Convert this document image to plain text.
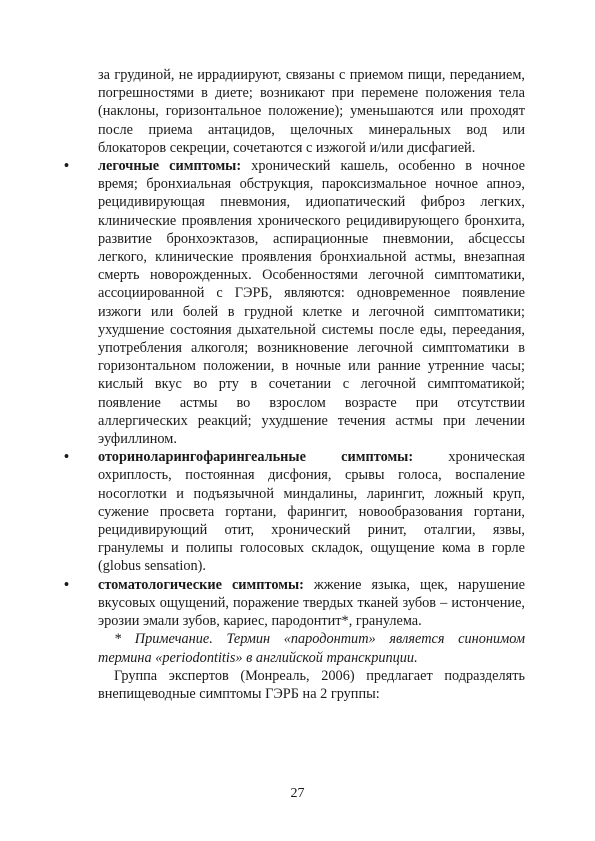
за грудиной, не иррадиируют, связаны с приемом пищи, переданием, погрешностями в диете; возникают при перемене положения тела (наклоны, горизонтальное положение); уменьшаются или проходят после приема антацидов, щелочных минеральных вод или блокаторов секреции, сочетаются с изжогой и/или дисфагией.

•	легочные симптомы: хронический кашель, особенно в ночное время; бронхиальная обструкция, пароксизмальное ночное апноэ, рецидивирующая пневмония, идиопатический фиброз легких, клинические проявления хронического рецидивирующего бронхита, развитие бронхоэктазов, аспирационные пневмонии, абсцессы легкого, клинические проявления бронхиальной астмы, внезапная смерть новорожденных. Особенностями легочной симптоматики, ассоциированной с ГЭРБ, являются: одновременное появление изжоги или болей в грудной клетке и легочной симптоматики; ухудшение состояния дыхательной системы после еды, переедания, употребления алкоголя; возникновение легочной симптоматики в горизонтальном положении, в ночные или ранние утренние часы; кислый вкус во рту в сочетании с легочной симптоматикой; появление астмы во взрослом возрасте при отсутствии аллергических реакций; ухудшение течения астмы при лечении эуфиллином.

•	оториноларингофарингеальные симптомы: хроническая охриплость, постоянная дисфония, срывы голоса, воспаление носоглотки и подъязычной миндалины, ларингит, ложный круп, сужение просвета гортани, фарингит, новообразования гортани, рецидивирующий отит, хронический ринит, оталгии, язвы, гранулемы и полипы голосовых складок, ощущение кома в горле (globus sensation).

•	стоматологические симптомы: жжение языка, щек, нарушение вкусовых ощущений, поражение твердых тканей зубов – истончение, эрозии эмали зубов, кариес, пародонтит*, гранулема.

* Примечание. Термин «пародонтит» является синонимом термина «periodontitis» в английской транскрипции.

Группа экспертов (Монреаль, 2006) предлагает подразделять внепищеводные симптомы ГЭРБ на 2 группы:

27
